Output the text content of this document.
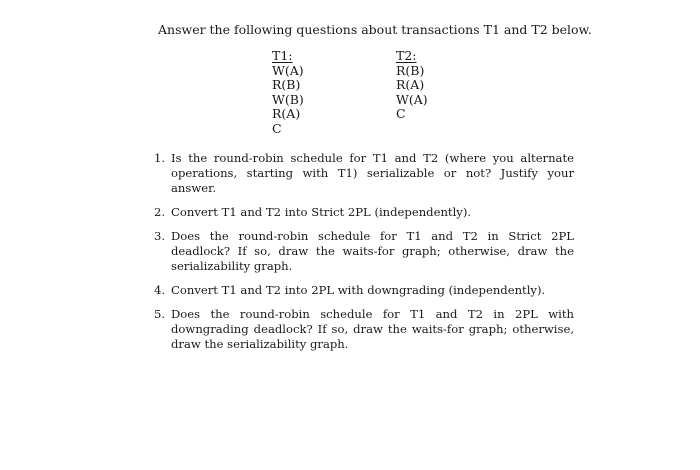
Answer the following questions about transactions T1 and T2 below.
T1 :
W(A)
R(B)
W(B)
R(A)
C
T2 :
R(B)
R(A)
W(A)
C
1. Is the round-robin schedule for T1 and T2 (where you alternate operations, starting with T1) serializable or not? Justify your answer.
2. Convert T1 and T2 into Strict 2PL (independently).
3. Does the round-robin schedule for T1 and T2 in Strict 2PL deadlock? If so, draw the waits-for graph; otherwise, draw the serializability graph.
4. Convert T1 and T2 into 2PL with downgrading (independently).
5. Does the round-robin schedule for T1 and T2 in 2PL with downgrading deadlock? If so, draw the waits-for graph; otherwise, draw the serializability graph.
